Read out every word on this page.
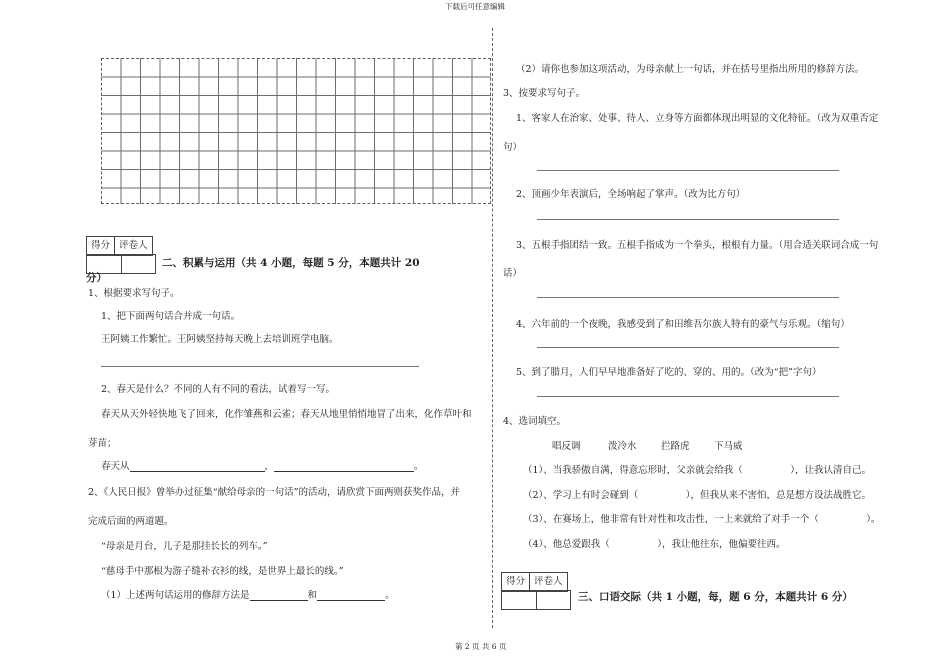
下载后可任意编辑
第 2 页 共 6 页
得分 评卷人
二、积累与运用（共 4 小题，每题 5 分，本题共计 20
分）
1、根据要求写句子。
1、把下面两句话合并成一句话。
王阿姨工作繁忙。王阿姨坚持每天晚上去培训班学电脑。
2、春天是什么？不同的人有不同的看法，试着写一写。
春天从天外轻快地飞了回来，化作雏燕和云雀；春天从地里悄悄地冒了出来，化作草叶和
芽苗；
春天从	，	。
2、《人民日报》曾举办过征集“献给母亲的一句话”的活动，请欣赏下面两则获奖作品，并
完成后面的两道题。
“母亲是月台，儿子是那挂长长的列车。”
“慈母手中那根为游子缝补衣衫的线，是世界上最长的线。”
（1）上述两句话运用的修辞方法是	和	。
（2）请你也参加这项活动，为母亲献上一句话，并在括号里指出所用的修辞方法。
3、按要求写句子。
1、客家人在治家、处事、待人、立身等方面都体现出明显的文化特征。（改为双重否定
句）
2、顶画少年表演后，全场响起了掌声。（改为比方句）
3、五根手指团结一致。五根手指成为一个拳头，根根有力量。（用合适关联词合成一句
话）
4、六年前的一个夜晚，我感受到了和田维吾尔族人特有的豪气与乐观。（缩句）
5、到了腊月，人们早早地准备好了吃的、穿的、用的。（改为“把”字句）
4、选词填空。
唱反调	泼冷水	拦路虎	下马威
（1）、当我骄傲自满，得意忘形时，父亲就会给我（　　　　　），让我认清自己。
（2）、学习上有时会碰到（　　　　　），但我从来不害怕，总是想方设法战胜它。
（3）、在赛场上，他非常有针对性和攻击性，一上来就给了对手一个（　　　　　）。
（4）、他总爱跟我（　　　　　），我让他往东，他偏要往西。
得分 评卷人
三、口语交际（共 1 小题，每，题 6 分，本题共计 6 分）
